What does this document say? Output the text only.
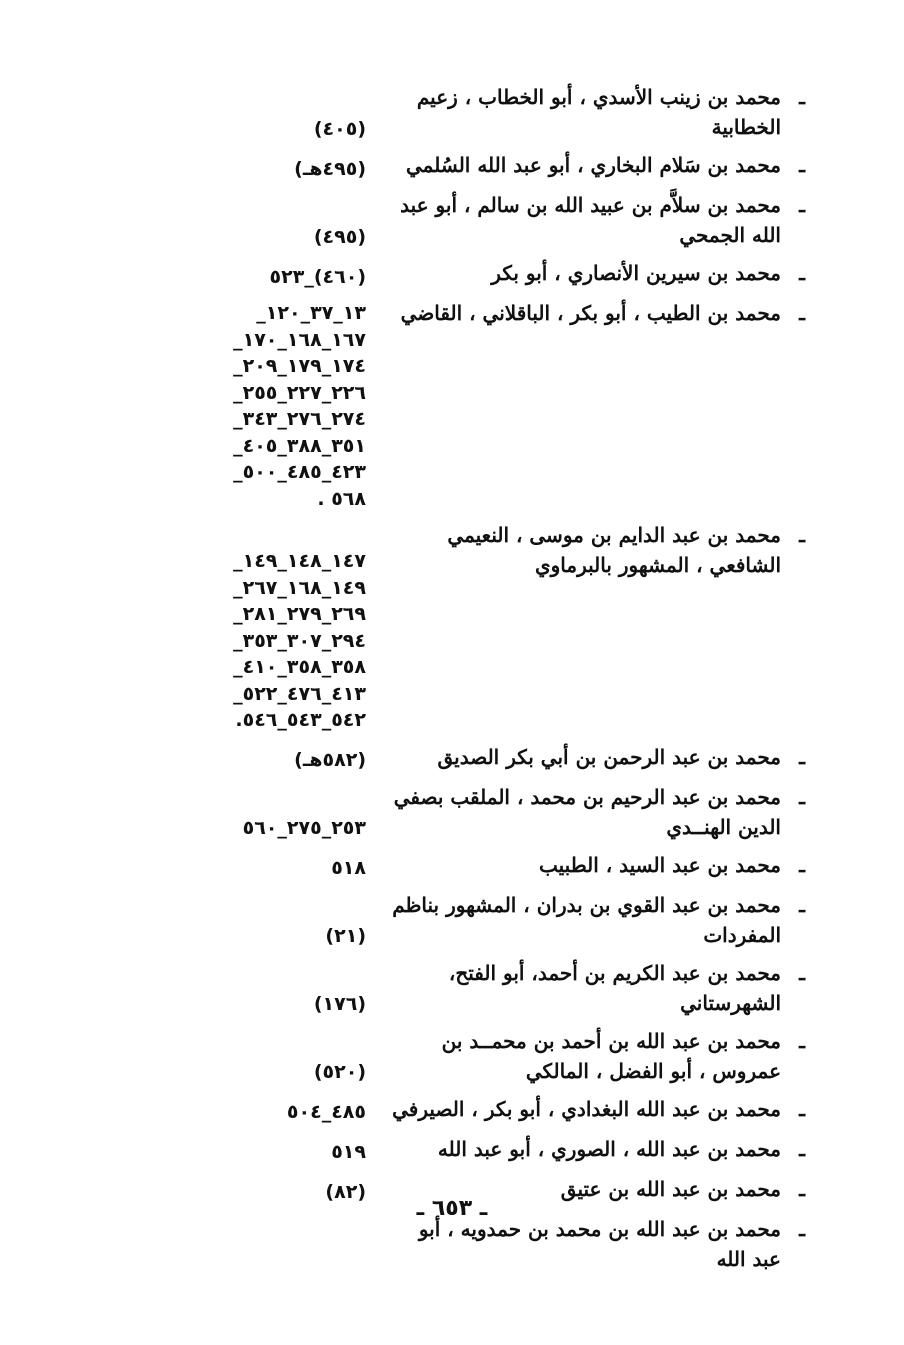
ـ
محمد بن زينب الأسدي ، أبو الخطاب ، زعيم الخطابية
(٤٠٥)
ـ
محمد بن سَلام البخاري ، أبو عبد الله السُلمي
(٤٩٥هـ)
ـ
محمد بن سلاَّم بن عبيد الله بن سالم ، أبو عبد الله الجمحي
(٤٩٥)
ـ
محمد بن سيرين الأنصاري ، أبو بكر
(٤٦٠)_٥٢٣
ـ
محمد بن الطيب ، أبو بكر ، الباقلاني ، القاضي
١٣_٣٧_١٢٠_
١٦٧_١٦٨_١٧٠_
١٧٤_١٧٩_٢٠٩_
٢٢٦_٢٢٧_٢٥٥_
٢٧٤_٢٧٦_٣٤٣_
٣٥١_٣٨٨_٤٠٥_
٤٢٣_٤٨٥_٥٠٠_
٥٦٨ .
ـ
محمد بن عبد الدايم بن موسى ، النعيمي الشافعي ، المشهور بالبرماوي
١٤٧_١٤٨_١٤٩_
١٤٩_١٦٨_٢٦٧_
٢٦٩_٢٧٩_٢٨١_
٢٩٤_٣٠٧_٣٥٣_
٣٥٨_٣٥٨_٤١٠_
٤١٣_٤٧٦_٥٢٢_
٥٤٢_٥٤٣_٥٤٦.
ـ
محمد بن عبد الرحمن بن أبي بكر الصديق
(٥٨٢هـ)
ـ
محمد بن عبد الرحيم بن محمد ، الملقب بصفي الدين الهنــدي
٢٥٣_٢٧٥_٥٦٠
ـ
محمد بن عبد السيد ، الطبيب
٥١٨
ـ
محمد بن عبد القوي بن بدران ، المشهور بناظم المفردات
(٢١)
ـ
محمد بن عبد الكريم بن أحمد، أبو الفتح، الشهرستاني
(١٧٦)
ـ
محمد بن عبد الله بن أحمد بن محمــد بن عمروس ، أبو الفضل ، المالكي
(٥٢٠)
ـ
محمد بن عبد الله البغدادي ، أبو بكر ، الصيرفي
٤٨٥_٥٠٤
ـ
محمد بن عبد الله ، الصوري ، أبو عبد الله
٥١٩
ـ
محمد بن عبد الله بن عتيق
(٨٢)
ـ
محمد بن عبد الله بن محمد بن حمدويه ، أبو عبد الله
ـ ٦٥٣ ـ
